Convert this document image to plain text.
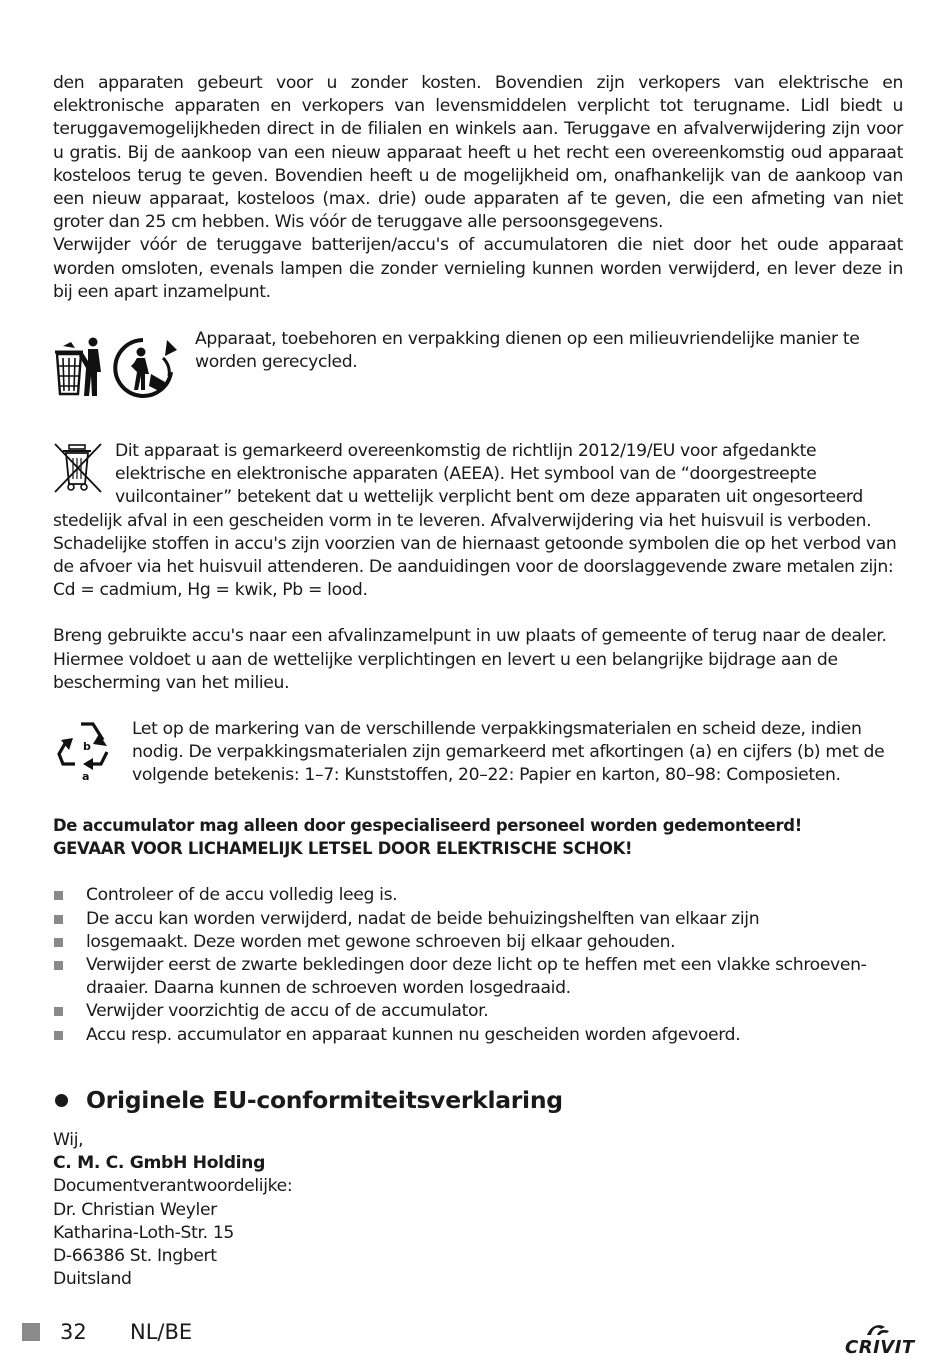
den apparaten gebeurt voor u zonder kosten. Bovendien zijn verkopers van elektrische en elektronische apparaten en verkopers van levensmiddelen verplicht tot terugname. Lidl biedt u teruggavemogelijkheden direct in de filialen en winkels aan. Teruggave en afvalverwijdering zijn voor u gratis. Bij de aankoop van een nieuw apparaat heeft u het recht een overeenkomstig oud apparaat kosteloos terug te geven. Bovendien heeft u de mogelijkheid om, onafhankelijk van de aankoop van een nieuw apparaat, kosteloos (max. drie) oude apparaten af te geven, die een afmeting van niet groter dan 25 cm hebben. Wis vóór de teruggave alle persoonsgegevens.

Verwijder vóór de teruggave batterijen/accu's of accumulatoren die niet door het oude apparaat worden omsloten, evenals lampen die zonder vernieling kunnen worden verwijderd, en lever deze in bij een apart inzamelpunt.

Apparaat, toebehoren en verpakking dienen op een milieuvriendelijke manier te worden gerecycled.

Dit apparaat is gemarkeerd overeenkomstig de richtlijn 2012/19/EU voor afgedankte elektrische en elektronische apparaten (AEEA). Het symbool van de “doorgestreepte vuilcontainer” betekent dat u wettelijk verplicht bent om deze apparaten uit ongesorteerd stedelijk afval in een gescheiden vorm in te leveren. Afvalverwijdering via het huisvuil is verboden. Schadelijke stoffen in accu's zijn voorzien van de hiernaast getoonde symbolen die op het verbod van de afvoer via het huisvuil attenderen. De aanduidingen voor de doorslaggevende zware metalen zijn: Cd = cadmium, Hg = kwik, Pb = lood.

Breng gebruikte accu's naar een afvalinzamelpunt in uw plaats of gemeente of terug naar de dealer. Hiermee voldoet u aan de wettelijke verplichtingen en levert u een belangrijke bijdrage aan de bescherming van het milieu.

b
a

Let op de markering van de verschillende verpakkingsmaterialen en scheid deze, indien nodig. De verpakkingsmaterialen zijn gemarkeerd met afkortingen (a) en cijfers (b) met de volgende betekenis: 1–7: Kunststoffen, 20–22: Papier en karton, 80–98: Composieten.

De accumulator mag alleen door gespecialiseerd personeel worden gedemonteerd!
GEVAAR VOOR LICHAMELIJK LETSEL DOOR ELEKTRISCHE SCHOK!
Controleer of de accu volledig leeg is.
De accu kan worden verwijderd, nadat de beide behuizingshelften van elkaar zijn
losgemaakt. Deze worden met gewone schroeven bij elkaar gehouden.
Verwijder eerst de zwarte bekledingen door deze licht op te heffen met een vlakke schroevendraaier. Daarna kunnen de schroeven worden losgedraaid.
Verwijder voorzichtig de accu of de accumulator.
Accu resp. accumulator en apparaat kunnen nu gescheiden worden afgevoerd.
Originele EU-conformiteitsverklaring

Wij,

C. M. C. GmbH Holding

Documentverantwoordelijke:

Dr. Christian Weyler

Katharina-Loth-Str. 15

D-66386 St. Ingbert

Duitsland

32 NL/BE
CRIVIT
